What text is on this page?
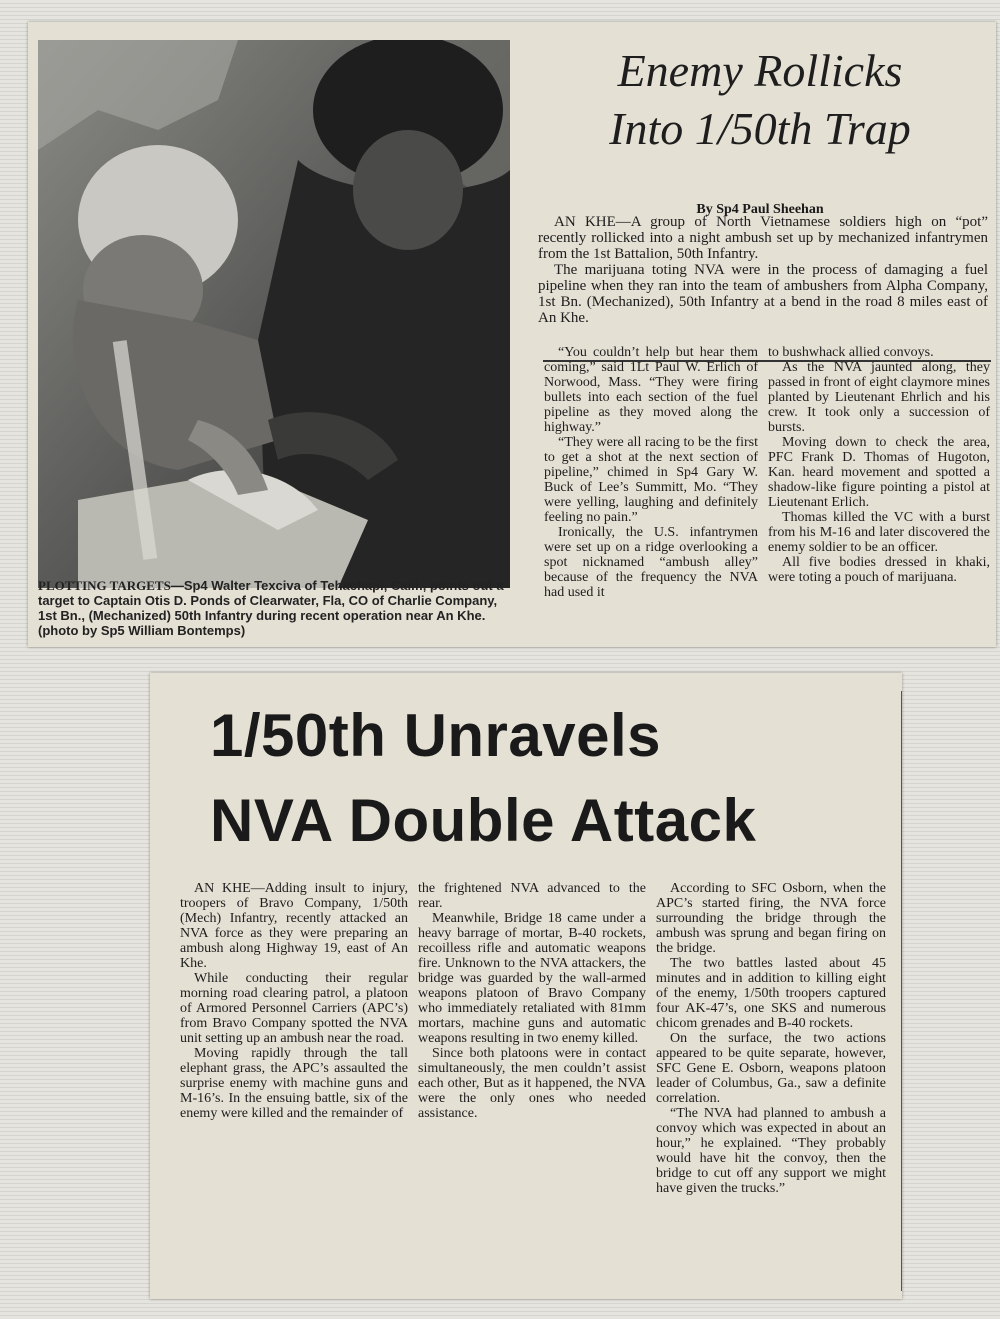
Enemy Rollicks
Into 1/50th Trap
By Sp4 Paul Sheehan

AN KHE—A group of North Vietnamese soldiers high on “pot” recently rollicked into a night ambush set up by mechanized infantrymen from the 1st Battalion, 50th Infantry.

The marijuana toting NVA were in the process of damaging a fuel pipeline when they ran into the team of ambushers from Alpha Company, 1st Bn. (Mechanized), 50th Infantry at a bend in the road 8 miles east of An Khe.

“You couldn’t help but hear them coming,” said 1Lt Paul W. Erlich of Norwood, Mass. “They were firing bullets into each section of the fuel pipeline as they moved along the highway.”

“They were all racing to be the first to get a shot at the next section of pipeline,” chimed in Sp4 Gary W. Buck of Lee’s Summitt, Mo. “They were yelling, laughing and definitely feeling no pain.”

Ironically, the U.S. infantrymen were set up on a ridge overlooking a spot nicknamed “ambush alley” because of the frequency the NVA had used it

to bushwhack allied convoys.

As the NVA jaunted along, they passed in front of eight claymore mines planted by Lieutenant Ehrlich and his crew. It took only a succession of bursts.

Moving down to check the area, PFC Frank D. Thomas of Hugoton, Kan. heard movement and spotted a shadow-like figure pointing a pistol at Lieutenant Erlich.

Thomas killed the VC with a burst from his M-16 and later discovered the enemy soldier to be an officer.

All five bodies dressed in khaki, were toting a pouch of marijuana.

PLOTTING TARGETS—Sp4 Walter Texciva of Tehachapi, Calif., points out a target to Captain Otis D. Ponds of Clearwater, Fla, CO of Charlie Company, 1st Bn., (Mechanized) 50th Infantry during recent operation near An Khe. (photo by Sp5 William Bontemps)
1/50th Unravels
NVA Double Attack

AN KHE—Adding insult to injury, troopers of Bravo Company, 1/50th (Mech) Infantry, recently attacked an NVA force as they were preparing an ambush along Highway 19, east of An Khe.

While conducting their regular morning road clearing patrol, a platoon of Armored Personnel Carriers (APC’s) from Bravo Company spotted the NVA unit setting up an ambush near the road.

Moving rapidly through the tall elephant grass, the APC’s assaulted the surprise enemy with machine guns and M-16’s. In the ensuing battle, six of the enemy were killed and the remainder of

the frightened NVA advanced to the rear.

Meanwhile, Bridge 18 came under a heavy barrage of mortar, B-40 rockets, recoilless rifle and automatic weapons fire. Unknown to the NVA attackers, the bridge was guarded by the wall-armed weapons platoon of Bravo Company who immediately retaliated with 81mm mortars, machine guns and automatic weapons resulting in two enemy killed.

Since both platoons were in contact simultaneously, the men couldn’t assist each other, But as it happened, the NVA were the only ones who needed assistance.

According to SFC Osborn, when the APC’s started firing, the NVA force surrounding the bridge through the ambush was sprung and began firing on the bridge.

The two battles lasted about 45 minutes and in addition to killing eight of the enemy, 1/50th troopers captured four AK-47’s, one SKS and numerous chicom grenades and B-40 rockets.

On the surface, the two actions appeared to be quite separate, however, SFC Gene E. Osborn, weapons platoon leader of Columbus, Ga., saw a definite correlation.

“The NVA had planned to ambush a convoy which was expected in about an hour,” he explained. “They probably would have hit the convoy, then the bridge to cut off any support we might have given the trucks.”
